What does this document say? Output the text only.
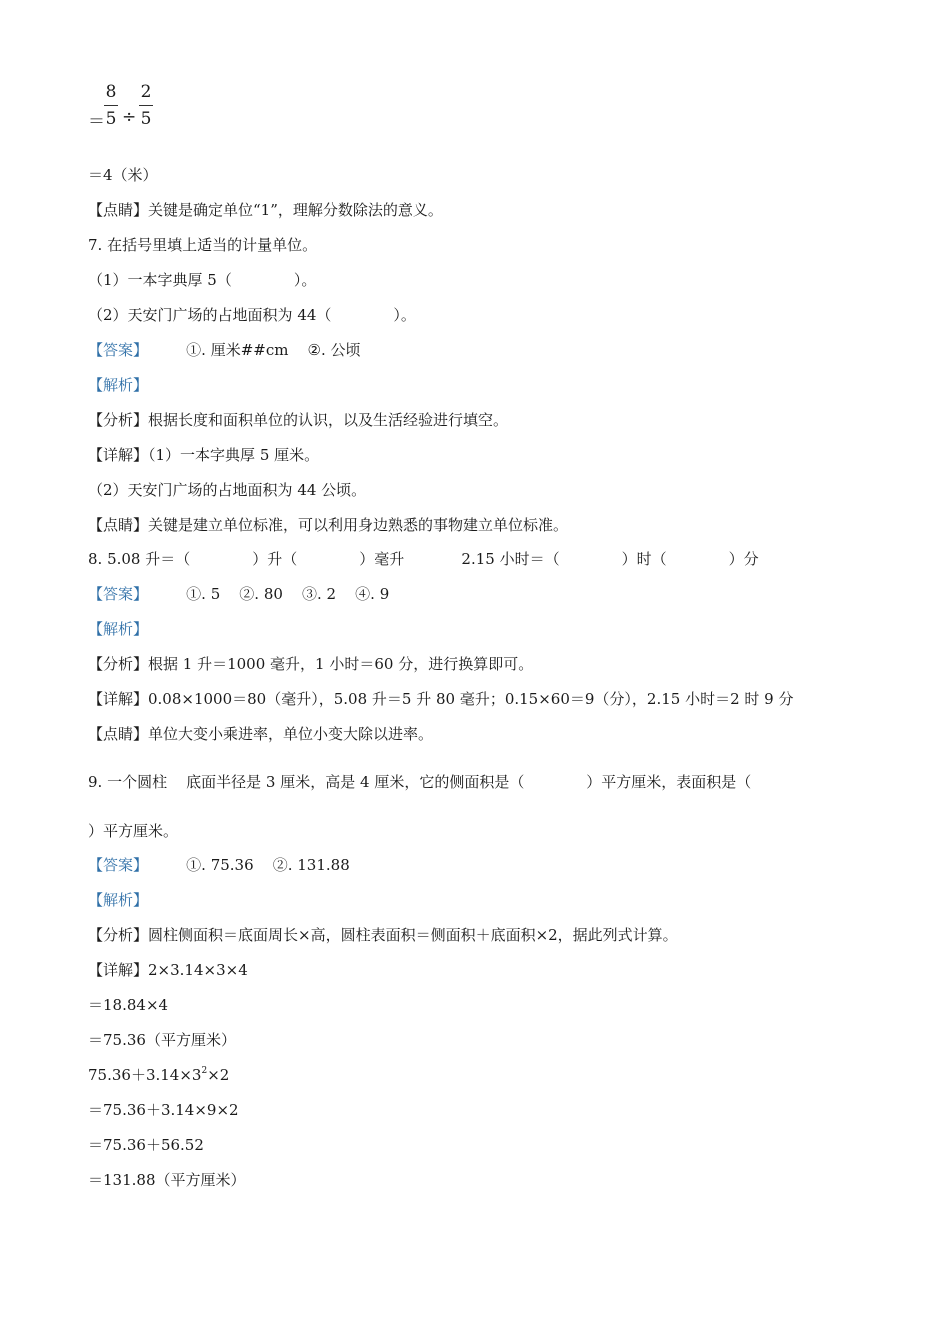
＝
8
5 ÷
2
5
＝4（米）
【点睛】关键是确定单位“1”，理解分数除法的意义。
7. 在括号里填上适当的计量单位。
（1）一本字典厚 5（             ）。
（2）天安门广场的占地面积为 44（             ）。
【答案】        ①. 厘米##cm    ②. 公顷
【解析】
【分析】根据长度和面积单位的认识，以及生活经验进行填空。
【详解】（1）一本字典厚 5 厘米。
（2）天安门广场的占地面积为 44 公顷。
【点睛】关键是建立单位标准，可以利用身边熟悉的事物建立单位标准。
8. 5.08 升＝（             ）升（             ）毫升            2.15 小时＝（             ）时（             ）分
【答案】        ①. 5    ②. 80    ③. 2    ④. 9
【解析】
【分析】根据 1 升＝1000 毫升，1 小时＝60 分，进行换算即可。
【详解】0.08×1000＝80（毫升），5.08 升＝5 升 80 毫升；0.15×60＝9（分），2.15 小时＝2 时 9 分
【点睛】单位大变小乘进率，单位小变大除以进率。
9. 一个圆柱    底面半径是 3 厘米，高是 4 厘米，它的侧面积是（             ）平方厘米，表面积是（
）平方厘米。
【答案】        ①. 75.36    ②. 131.88
【解析】
【分析】圆柱侧面积＝底面周长×高，圆柱表面积＝侧面积＋底面积×2，据此列式计算。
【详解】2×3.14×3×4
＝18.84×4
＝75.36（平方厘米）
$75.36+3.14\times 3^2\times 2$
＝75.36＋3.14×9×2
＝75.36＋56.52
＝131.88（平方厘米）
